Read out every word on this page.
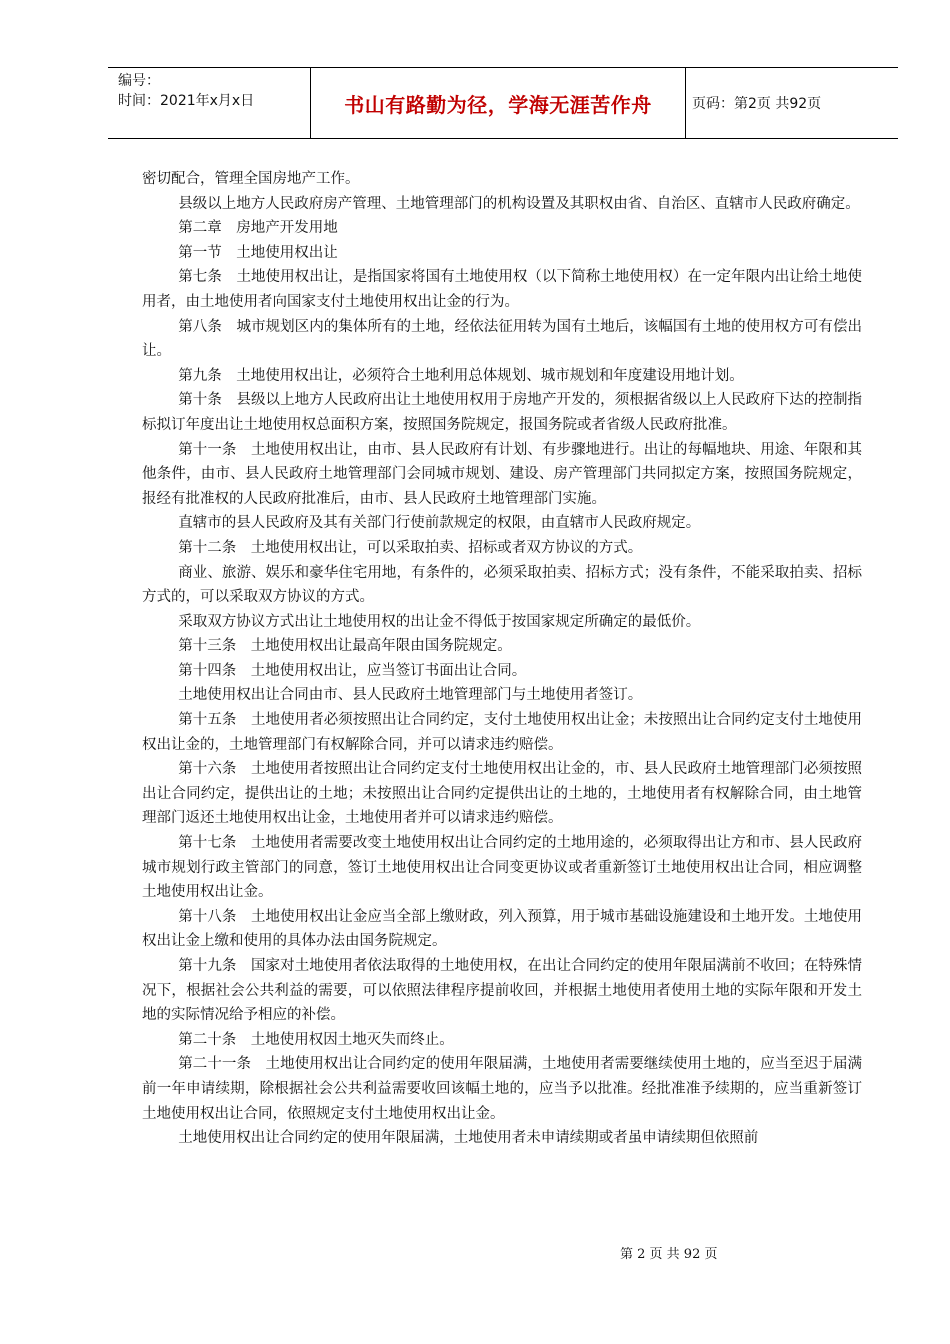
编号：
时间：2021年x月x日	书山有路勤为径，学海无涯苦作舟	页码：第2页 共92页

密切配合，管理全国房地产工作。

县级以上地方人民政府房产管理、土地管理部门的机构设置及其职权由省、自治区、直辖市人民政府确定。

第二章　房地产开发用地

第一节　土地使用权出让

第七条　土地使用权出让，是指国家将国有土地使用权（以下简称土地使用权）在一定年限内出让给土地使用者，由土地使用者向国家支付土地使用权出让金的行为。

第八条　城市规划区内的集体所有的土地，经依法征用转为国有土地后，该幅国有土地的使用权方可有偿出让。

第九条　土地使用权出让，必须符合土地利用总体规划、城市规划和年度建设用地计划。

第十条　县级以上地方人民政府出让土地使用权用于房地产开发的，须根据省级以上人民政府下达的控制指标拟订年度出让土地使用权总面积方案，按照国务院规定，报国务院或者省级人民政府批准。

第十一条　土地使用权出让，由市、县人民政府有计划、有步骤地进行。出让的每幅地块、用途、年限和其他条件，由市、县人民政府土地管理部门会同城市规划、建设、房产管理部门共同拟定方案，按照国务院规定，报经有批准权的人民政府批准后，由市、县人民政府土地管理部门实施。

直辖市的县人民政府及其有关部门行使前款规定的权限，由直辖市人民政府规定。

第十二条　土地使用权出让，可以采取拍卖、招标或者双方协议的方式。

商业、旅游、娱乐和豪华住宅用地，有条件的，必须采取拍卖、招标方式；没有条件，不能采取拍卖、招标方式的，可以采取双方协议的方式。

采取双方协议方式出让土地使用权的出让金不得低于按国家规定所确定的最低价。

第十三条　土地使用权出让最高年限由国务院规定。

第十四条　土地使用权出让，应当签订书面出让合同。

土地使用权出让合同由市、县人民政府土地管理部门与土地使用者签订。

第十五条　土地使用者必须按照出让合同约定，支付土地使用权出让金；未按照出让合同约定支付土地使用权出让金的，土地管理部门有权解除合同，并可以请求违约赔偿。

第十六条　土地使用者按照出让合同约定支付土地使用权出让金的，市、县人民政府土地管理部门必须按照出让合同约定，提供出让的土地；未按照出让合同约定提供出让的土地的，土地使用者有权解除合同，由土地管理部门返还土地使用权出让金，土地使用者并可以请求违约赔偿。

第十七条　土地使用者需要改变土地使用权出让合同约定的土地用途的，必须取得出让方和市、县人民政府城市规划行政主管部门的同意，签订土地使用权出让合同变更协议或者重新签订土地使用权出让合同，相应调整土地使用权出让金。

第十八条　土地使用权出让金应当全部上缴财政，列入预算，用于城市基础设施建设和土地开发。土地使用权出让金上缴和使用的具体办法由国务院规定。

第十九条　国家对土地使用者依法取得的土地使用权，在出让合同约定的使用年限届满前不收回；在特殊情况下，根据社会公共利益的需要，可以依照法律程序提前收回，并根据土地使用者使用土地的实际年限和开发土地的实际情况给予相应的补偿。

第二十条　土地使用权因土地灭失而终止。

第二十一条　土地使用权出让合同约定的使用年限届满，土地使用者需要继续使用土地的，应当至迟于届满前一年申请续期，除根据社会公共利益需要收回该幅土地的，应当予以批准。经批准准予续期的，应当重新签订土地使用权出让合同，依照规定支付土地使用权出让金。

土地使用权出让合同约定的使用年限届满，土地使用者未申请续期或者虽申请续期但依照前

第 2 页 共 92 页
